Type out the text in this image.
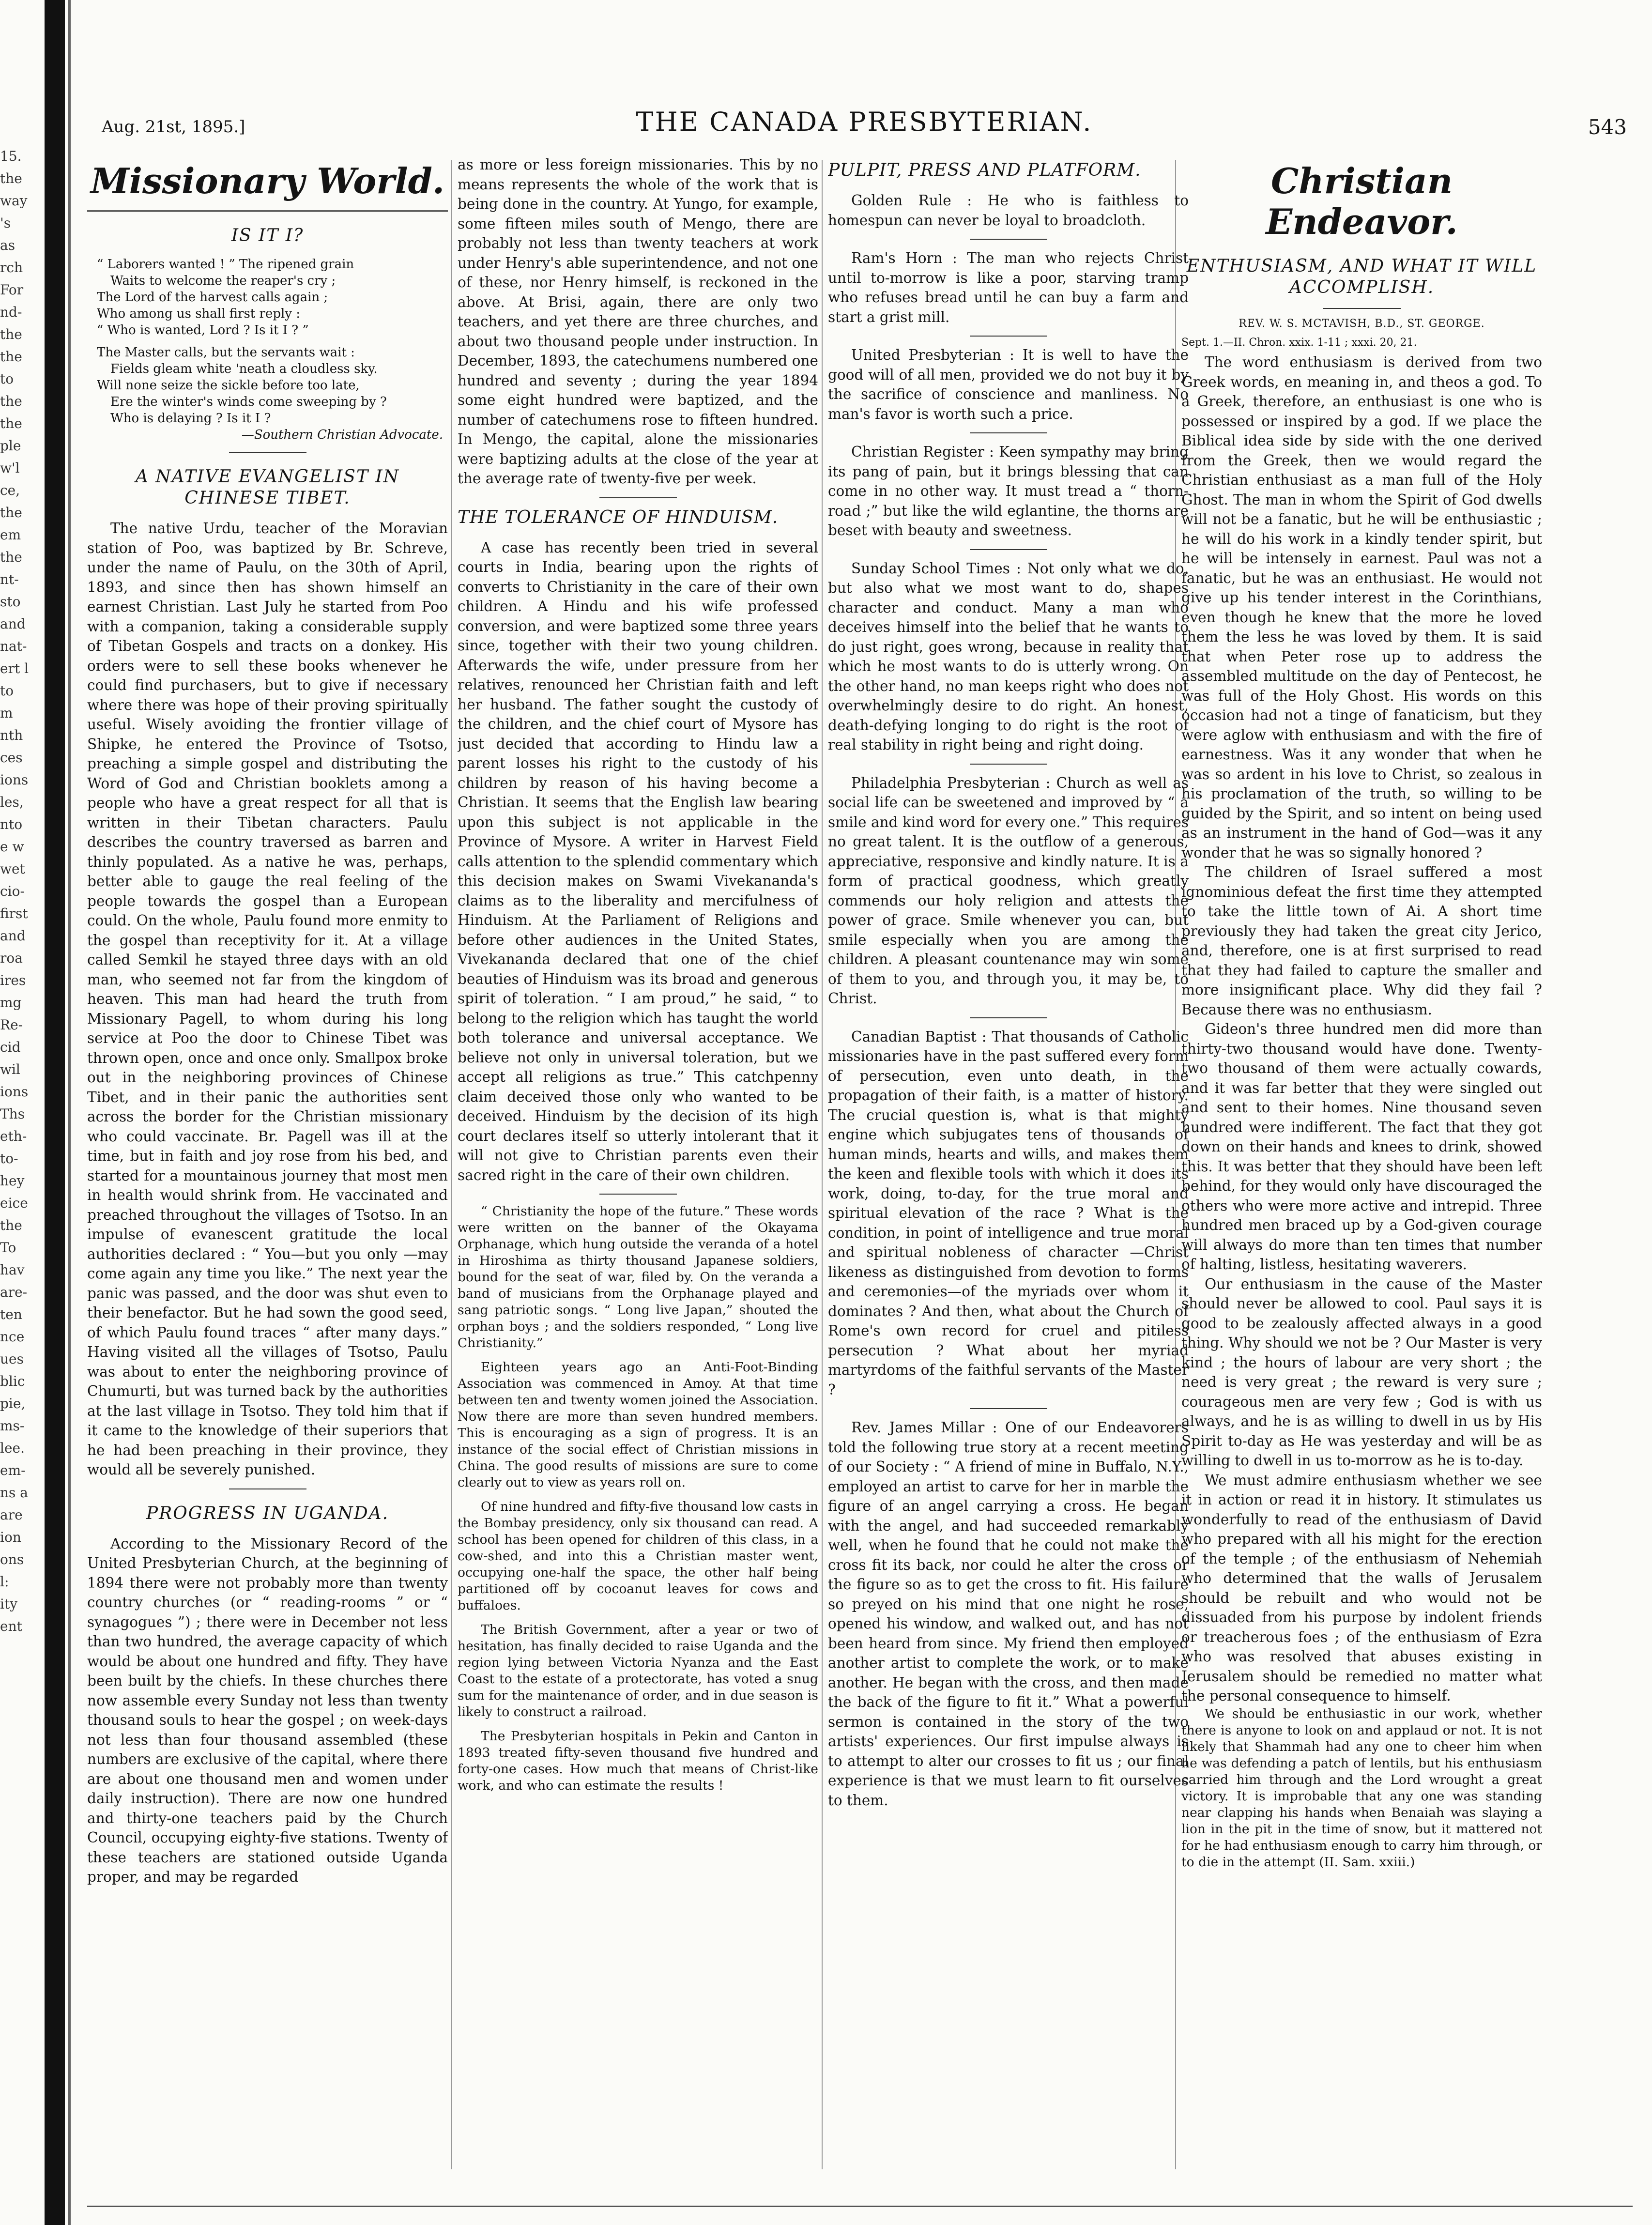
15. the way 's as rch For nd- the the to the the ple w'l ce, the em the nt- sto and nat- ert l to m nth ces ions les, nto e w wet cio- first and roa ires mg Re- cid wil ions Ths eth- to- hey eice the To hav are- ten nce ues blic pie, ms- lee. em- ns a are ion ons l: ity ent
Aug. 21st, 1895.]	THE CANADA PRESBYTERIAN.	543
Missionary World.
IS IT I?
“ Laborers wanted ! ” The ripened grain
Waits to welcome the reaper's cry ;
The Lord of the harvest calls again ;
Who among us shall first reply :
“ Who is wanted, Lord ? Is it I ? ”
The Master calls, but the servants wait :
Fields gleam white 'neath a cloudless sky.
Will none seize the sickle before too late,
Ere the winter's winds come sweeping by ?
Who is delaying ? Is it I ?
—Southern Christian Advocate.
A NATIVE EVANGELIST IN CHINESE TIBET.

The native Urdu, teacher of the Moravian station of Poo, was baptized by Br. Schreve, under the name of Paulu, on the 30th of April, 1893, and since then has shown himself an earnest Christian. Last July he started from Poo with a companion, taking a considerable supply of Tibetan Gospels and tracts on a donkey. His orders were to sell these books whenever he could find purchasers, but to give if necessary where there was hope of their proving spiritually useful. Wisely avoiding the frontier village of Shipke, he entered the Province of Tsotso, preaching a simple gospel and distributing the Word of God and Christian booklets among a people who have a great respect for all that is written in their Tibetan characters. Paulu describes the country traversed as barren and thinly populated. As a native he was, perhaps, better able to gauge the real feeling of the people towards the gospel than a European could. On the whole, Paulu found more enmity to the gospel than receptivity for it. At a village called Semkil he stayed three days with an old man, who seemed not far from the kingdom of heaven. This man had heard the truth from Missionary Pagell, to whom during his long service at Poo the door to Chinese Tibet was thrown open, once and once only. Smallpox broke out in the neighboring provinces of Chinese Tibet, and in their panic the authorities sent across the border for the Christian missionary who could vaccinate. Br. Pagell was ill at the time, but in faith and joy rose from his bed, and started for a mountainous journey that most men in health would shrink from. He vaccinated and preached throughout the villages of Tsotso. In an impulse of evanescent gratitude the local authorities declared : “ You—but you only —may come again any time you like.” The next year the panic was passed, and the door was shut even to their benefactor. But he had sown the good seed, of which Paulu found traces “ after many days.” Having visited all the villages of Tsotso, Paulu was about to enter the neighboring province of Chumurti, but was turned back by the authorities at the last village in Tsotso. They told him that if it came to the knowledge of their superiors that he had been preaching in their province, they would all be severely punished.

PROGRESS IN UGANDA.

According to the Missionary Record of the United Presbyterian Church, at the beginning of 1894 there were not probably more than twenty country churches (or “ reading-rooms ” or “ synagogues ”) ; there were in December not less than two hundred, the average capacity of which would be about one hundred and fifty. They have been built by the chiefs. In these churches there now assemble every Sunday not less than twenty thousand souls to hear the gospel ; on week-days not less than four thousand assembled (these numbers are exclusive of the capital, where there are about one thousand men and women under daily instruction). There are now one hundred and thirty-one teachers paid by the Church Council, occupying eighty-five stations. Twenty of these teachers are stationed outside Uganda proper, and may be regarded

as more or less foreign missionaries. This by no means represents the whole of the work that is being done in the country. At Yungo, for example, some fifteen miles south of Mengo, there are probably not less than twenty teachers at work under Henry's able superintendence, and not one of these, nor Henry himself, is reckoned in the above. At Brisi, again, there are only two teachers, and yet there are three churches, and about two thousand people under instruction. In December, 1893, the catechumens numbered one hundred and seventy ; during the year 1894 some eight hundred were baptized, and the number of catechumens rose to fifteen hundred. In Mengo, the capital, alone the missionaries were baptizing adults at the close of the year at the average rate of twenty-five per week.

THE TOLERANCE OF HINDUISM.

A case has recently been tried in several courts in India, bearing upon the rights of converts to Christianity in the care of their own children. A Hindu and his wife professed conversion, and were baptized some three years since, together with their two young children. Afterwards the wife, under pressure from her relatives, renounced her Christian faith and left her husband. The father sought the custody of the children, and the chief court of Mysore has just decided that according to Hindu law a parent losses his right to the custody of his children by reason of his having become a Christian. It seems that the English law bearing upon this subject is not applicable in the Province of Mysore. A writer in Harvest Field calls attention to the splendid commentary which this decision makes on Swami Vivekananda's claims as to the liberality and mercifulness of Hinduism. At the Parliament of Religions and before other audiences in the United States, Vivekananda declared that one of the chief beauties of Hinduism was its broad and generous spirit of toleration. “ I am proud,” he said, “ to belong to the religion which has taught the world both tolerance and universal acceptance. We believe not only in universal toleration, but we accept all religions as true.” This catchpenny claim deceived those only who wanted to be deceived. Hinduism by the decision of its high court declares itself so utterly intolerant that it will not give to Christian parents even their sacred right in the care of their own children.

“ Christianity the hope of the future.” These words were written on the banner of the Okayama Orphanage, which hung outside the veranda of a hotel in Hiroshima as thirty thousand Japanese soldiers, bound for the seat of war, filed by. On the veranda a band of musicians from the Orphanage played and sang patriotic songs. “ Long live Japan,” shouted the orphan boys ; and the soldiers responded, “ Long live Christianity.”

Eighteen years ago an Anti-Foot-Binding Association was commenced in Amoy. At that time between ten and twenty women joined the Association. Now there are more than seven hundred members. This is encouraging as a sign of progress. It is an instance of the social effect of Christian missions in China. The good results of missions are sure to come clearly out to view as years roll on.

Of nine hundred and fifty-five thousand low casts in the Bombay presidency, only six thousand can read. A school has been opened for children of this class, in a cow-shed, and into this a Christian master went, occupying one-half the space, the other half being partitioned off by cocoanut leaves for cows and buffaloes.

The British Government, after a year or two of hesitation, has finally decided to raise Uganda and the region lying between Victoria Nyanza and the East Coast to the estate of a protectorate, has voted a snug sum for the maintenance of order, and in due season is likely to construct a railroad.

The Presbyterian hospitals in Pekin and Canton in 1893 treated fifty-seven thousand five hundred and forty-one cases. How much that means of Christ-like work, and who can estimate the results !

PULPIT, PRESS AND PLATFORM.

Golden Rule : He who is faithless to homespun can never be loyal to broadcloth.

Ram's Horn : The man who rejects Christ until to-morrow is like a poor, starving tramp who refuses bread until he can buy a farm and start a grist mill.

United Presbyterian : It is well to have the good will of all men, provided we do not buy it by the sacrifice of conscience and manliness. No man's favor is worth such a price.

Christian Register : Keen sympathy may bring its pang of pain, but it brings blessing that can come in no other way. It must tread a “ thorn-road ;” but like the wild eglantine, the thorns are beset with beauty and sweetness.

Sunday School Times : Not only what we do, but also what we most want to do, shapes character and conduct. Many a man who deceives himself into the belief that he wants to do just right, goes wrong, because in reality that which he most wants to do is utterly wrong. On the other hand, no man keeps right who does not overwhelmingly desire to do right. An honest, death-defying longing to do right is the root of real stability in right being and right doing.

Philadelphia Presbyterian : Church as well as social life can be sweetened and improved by “ a smile and kind word for every one.” This requires no great talent. It is the outflow of a generous, appreciative, responsive and kindly nature. It is a form of practical goodness, which greatly commends our holy religion and attests the power of grace. Smile whenever you can, but smile especially when you are among the children. A pleasant countenance may win some of them to you, and through you, it may be, to Christ.

Canadian Baptist : That thousands of Catholic missionaries have in the past suffered every form of persecution, even unto death, in the propagation of their faith, is a matter of history. The crucial question is, what is that mighty engine which subjugates tens of thousands of human minds, hearts and wills, and makes them the keen and flexible tools with which it does its work, doing, to-day, for the true moral and spiritual elevation of the race ? What is the condition, in point of intelligence and true moral and spiritual nobleness of character —Christ likeness as distinguished from devotion to forms and ceremonies—of the myriads over whom it dominates ? And then, what about the Church of Rome's own record for cruel and pitiless persecution ? What about her myriad martyrdoms of the faithful servants of the Master ?

Rev. James Millar : One of our Endeavorers told the following true story at a recent meeting of our Society : “ A friend of mine in Buffalo, N.Y., employed an artist to carve for her in marble the figure of an angel carrying a cross. He began with the angel, and had succeeded remarkably well, when he found that he could not make the cross fit its back, nor could he alter the cross or the figure so as to get the cross to fit. His failure so preyed on his mind that one night he rose, opened his window, and walked out, and has not been heard from since. My friend then employed another artist to complete the work, or to make another. He began with the cross, and then made the back of the figure to fit it.” What a powerful sermon is contained in the story of the two artists' experiences. Our first impulse always is to attempt to alter our crosses to fit us ; our final experience is that we must learn to fit ourselves to them.

Christian Endeavor.
ENTHUSIASM, AND WHAT IT WILL ACCOMPLISH.
REV. W. S. MCTAVISH, B.D., ST. GEORGE.
Sept. 1.—II. Chron. xxix. 1-11 ; xxxi. 20, 21.

The word enthusiasm is derived from two Greek words, en meaning in, and theos a god. To a Greek, therefore, an enthusiast is one who is possessed or inspired by a god. If we place the Biblical idea side by side with the one derived from the Greek, then we would regard the Christian enthusiast as a man full of the Holy Ghost. The man in whom the Spirit of God dwells will not be a fanatic, but he will be enthusiastic ; he will do his work in a kindly tender spirit, but he will be intensely in earnest. Paul was not a fanatic, but he was an enthusiast. He would not give up his tender interest in the Corinthians, even though he knew that the more he loved them the less he was loved by them. It is said that when Peter rose up to address the assembled multitude on the day of Pentecost, he was full of the Holy Ghost. His words on this occasion had not a tinge of fanaticism, but they were aglow with enthusiasm and with the fire of earnestness. Was it any wonder that when he was so ardent in his love to Christ, so zealous in his proclamation of the truth, so willing to be guided by the Spirit, and so intent on being used as an instrument in the hand of God—was it any wonder that he was so signally honored ?

The children of Israel suffered a most ignominious defeat the first time they attempted to take the little town of Ai. A short time previously they had taken the great city Jerico, and, therefore, one is at first surprised to read that they had failed to capture the smaller and more insignificant place. Why did they fail ? Because there was no enthusiasm.

Gideon's three hundred men did more than thirty-two thousand would have done. Twenty-two thousand of them were actually cowards, and it was far better that they were singled out and sent to their homes. Nine thousand seven hundred were indifferent. The fact that they got down on their hands and knees to drink, showed this. It was better that they should have been left behind, for they would only have discouraged the others who were more active and intrepid. Three hundred men braced up by a God-given courage will always do more than ten times that number of halting, listless, hesitating waverers.

Our enthusiasm in the cause of the Master should never be allowed to cool. Paul says it is good to be zealously affected always in a good thing. Why should we not be ? Our Master is very kind ; the hours of labour are very short ; the need is very great ; the reward is very sure ; courageous men are very few ; God is with us always, and he is as willing to dwell in us by His Spirit to-day as He was yesterday and will be as willing to dwell in us to-morrow as he is to-day.

We must admire enthusiasm whether we see it in action or read it in history. It stimulates us wonderfully to read of the enthusiasm of David who prepared with all his might for the erection of the temple ; of the enthusiasm of Nehemiah who determined that the walls of Jerusalem should be rebuilt and who would not be dissuaded from his purpose by indolent friends or treacherous foes ; of the enthusiasm of Ezra who was resolved that abuses existing in Jerusalem should be remedied no matter what the personal consequence to himself.

We should be enthusiastic in our work, whether there is anyone to look on and applaud or not. It is not likely that Shammah had any one to cheer him when he was defending a patch of lentils, but his enthusiasm carried him through and the Lord wrought a great victory. It is improbable that any one was standing near clapping his hands when Benaiah was slaying a lion in the pit in the time of snow, but it mattered not for he had enthusiasm enough to carry him through, or to die in the attempt (II. Sam. xxiii.)
